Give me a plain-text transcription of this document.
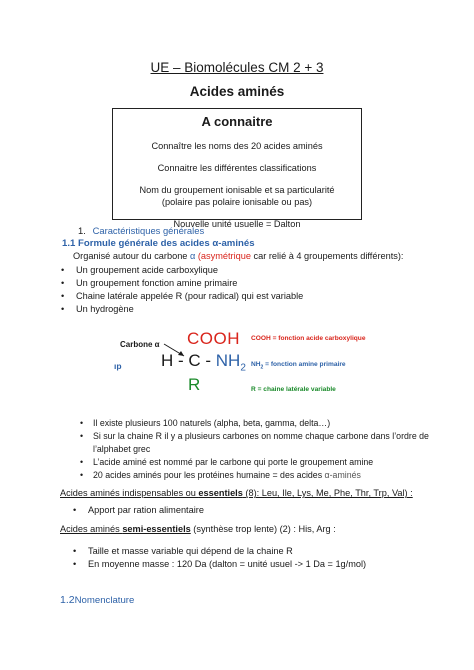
UE – Biomolécules CM 2 + 3
Acides aminés
A connaitre
Connaître les noms des 20 acides aminés
Connaitre les différentes classifications
Nom du groupement ionisable et sa particularité (polaire pas polaire ionisable ou pas)
Nouvelle unité usuelle = Dalton
1. Caractéristiques générales
1.1 Formule générale des acides α-aminés
Organisé autour du carbone α (asymétrique car relié à 4 groupements différents):
• Un groupement acide carboxylique
• Un groupement fonction amine primaire
• Chaine latérale appelée R (pour radical) qui est variable
• Un hydrogène
Carbone α COOH
H - C - $NH_2$
R
ıp
COOH = fonction acide carboxylique
$NH_2$ = fonction amine primaire
R = chaine latérale variable
• Il existe plusieurs 100 naturels (alpha, beta, gamma, delta…)
• Si sur la chaine R il y a plusieurs carbones on nomme chaque carbone dans l’ordre de l’alphabet grec
• L’acide aminé est nommé par le carbone qui porte le groupement amine
• 20 acides aminés pour les protéines humaine = des acides α-aminés
Acides aminés indispensables ou essentiels (8): Leu, Ile, Lys, Me, Phe, Thr, Trp, Val) :
• Apport par ration alimentaire
Acides aminés semi-essentiels (synthèse trop lente) (2) : His, Arg :
• Taille et masse variable qui dépend de la chaine R
• En moyenne masse : 120 Da (dalton = unité usuel -> 1 Da = 1g/mol)
1.2Nomenclature
